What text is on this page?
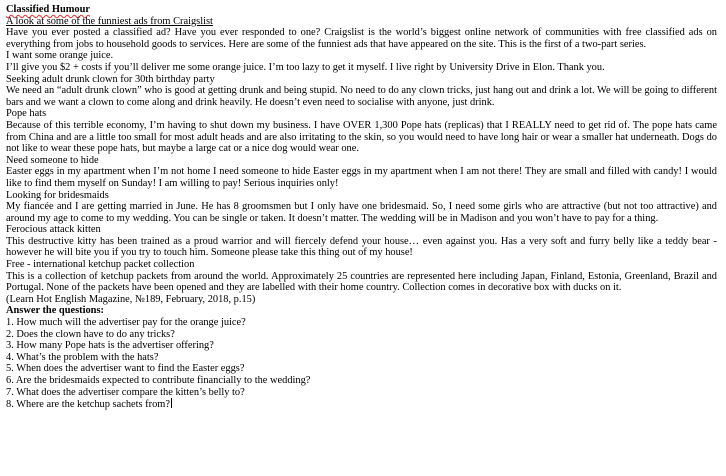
Classified Humour
A look at some of the funniest ads from Craigslist

Have you ever posted a classified ad? Have you ever responded to one? Craigslist is the world’s biggest online network of communities with free classified ads on everything from jobs to household goods to services. Here are some of the funniest ads that have appeared on the site. This is the first of a two-part series.

I want some orange juice.

I’ll give you $2 + costs if you’ll deliver me some orange juice. I’m too lazy to get it myself. I live right by University Drive in Elon. Thank you.

Seeking adult drunk clown for 30th birthday party

We need an “adult drunk clown” who is good at getting drunk and being stupid. No need to do any clown tricks, just hang out and drink a lot. We will be going to different bars and we want a clown to come along and drink heavily. He doesn’t even need to socialise with anyone, just drink.

Pope hats

Because of this terrible economy, I’m having to shut down my business. I have OVER 1,300 Pope hats (replicas) that I REALLY need to get rid of. The pope hats came from China and are a little too small for most adult heads and are also irritating to the skin, so you would need to have long hair or wear a smaller hat underneath. Dogs do not like to wear these pope hats, but maybe a large cat or a nice dog would wear one.

Need someone to hide

Easter eggs in my apartment when I’m not home I need someone to hide Easter eggs in my apartment when I am not there! They are small and filled with candy! I would like to find them myself on Sunday! I am willing to pay! Serious inquiries only!

Looking for bridesmaids

My fiancée and I are getting married in June. He has 8 groomsmen but I only have one bridesmaid. So, I need some girls who are attractive (but not too attractive) and around my age to come to my wedding. You can be single or taken. It doesn’t matter. The wedding will be in Madison and you won’t have to pay for a thing.

Ferocious attack kitten

This destructive kitty has been trained as a proud warrior and will fiercely defend your house… even against you. Has a very soft and furry belly like a teddy bear - however he will bite you if you try to touch him. Someone please take this thing out of my house!

Free - international ketchup packet collection

This is a collection of ketchup packets from around the world. Approximately 25 countries are represented here including Japan, Finland, Estonia, Greenland, Brazil and Portugal. None of the packets have been opened and they are labelled with their home country. Collection comes in decorative box with ducks on it.

(Learn Hot English Magazine, №189, February, 2018, p.15)
Answer the questions:
1. How much will the advertiser pay for the orange juice?
2. Does the clown have to do any tricks?
3. How many Pope hats is the advertiser offering?
4. What’s the problem with the hats?
5. When does the advertiser want to find the Easter eggs?
6. Are the bridesmaids expected to contribute financially to the wedding?
7. What does the advertiser compare the kitten’s belly to?
8. Where are the ketchup sachets from?
